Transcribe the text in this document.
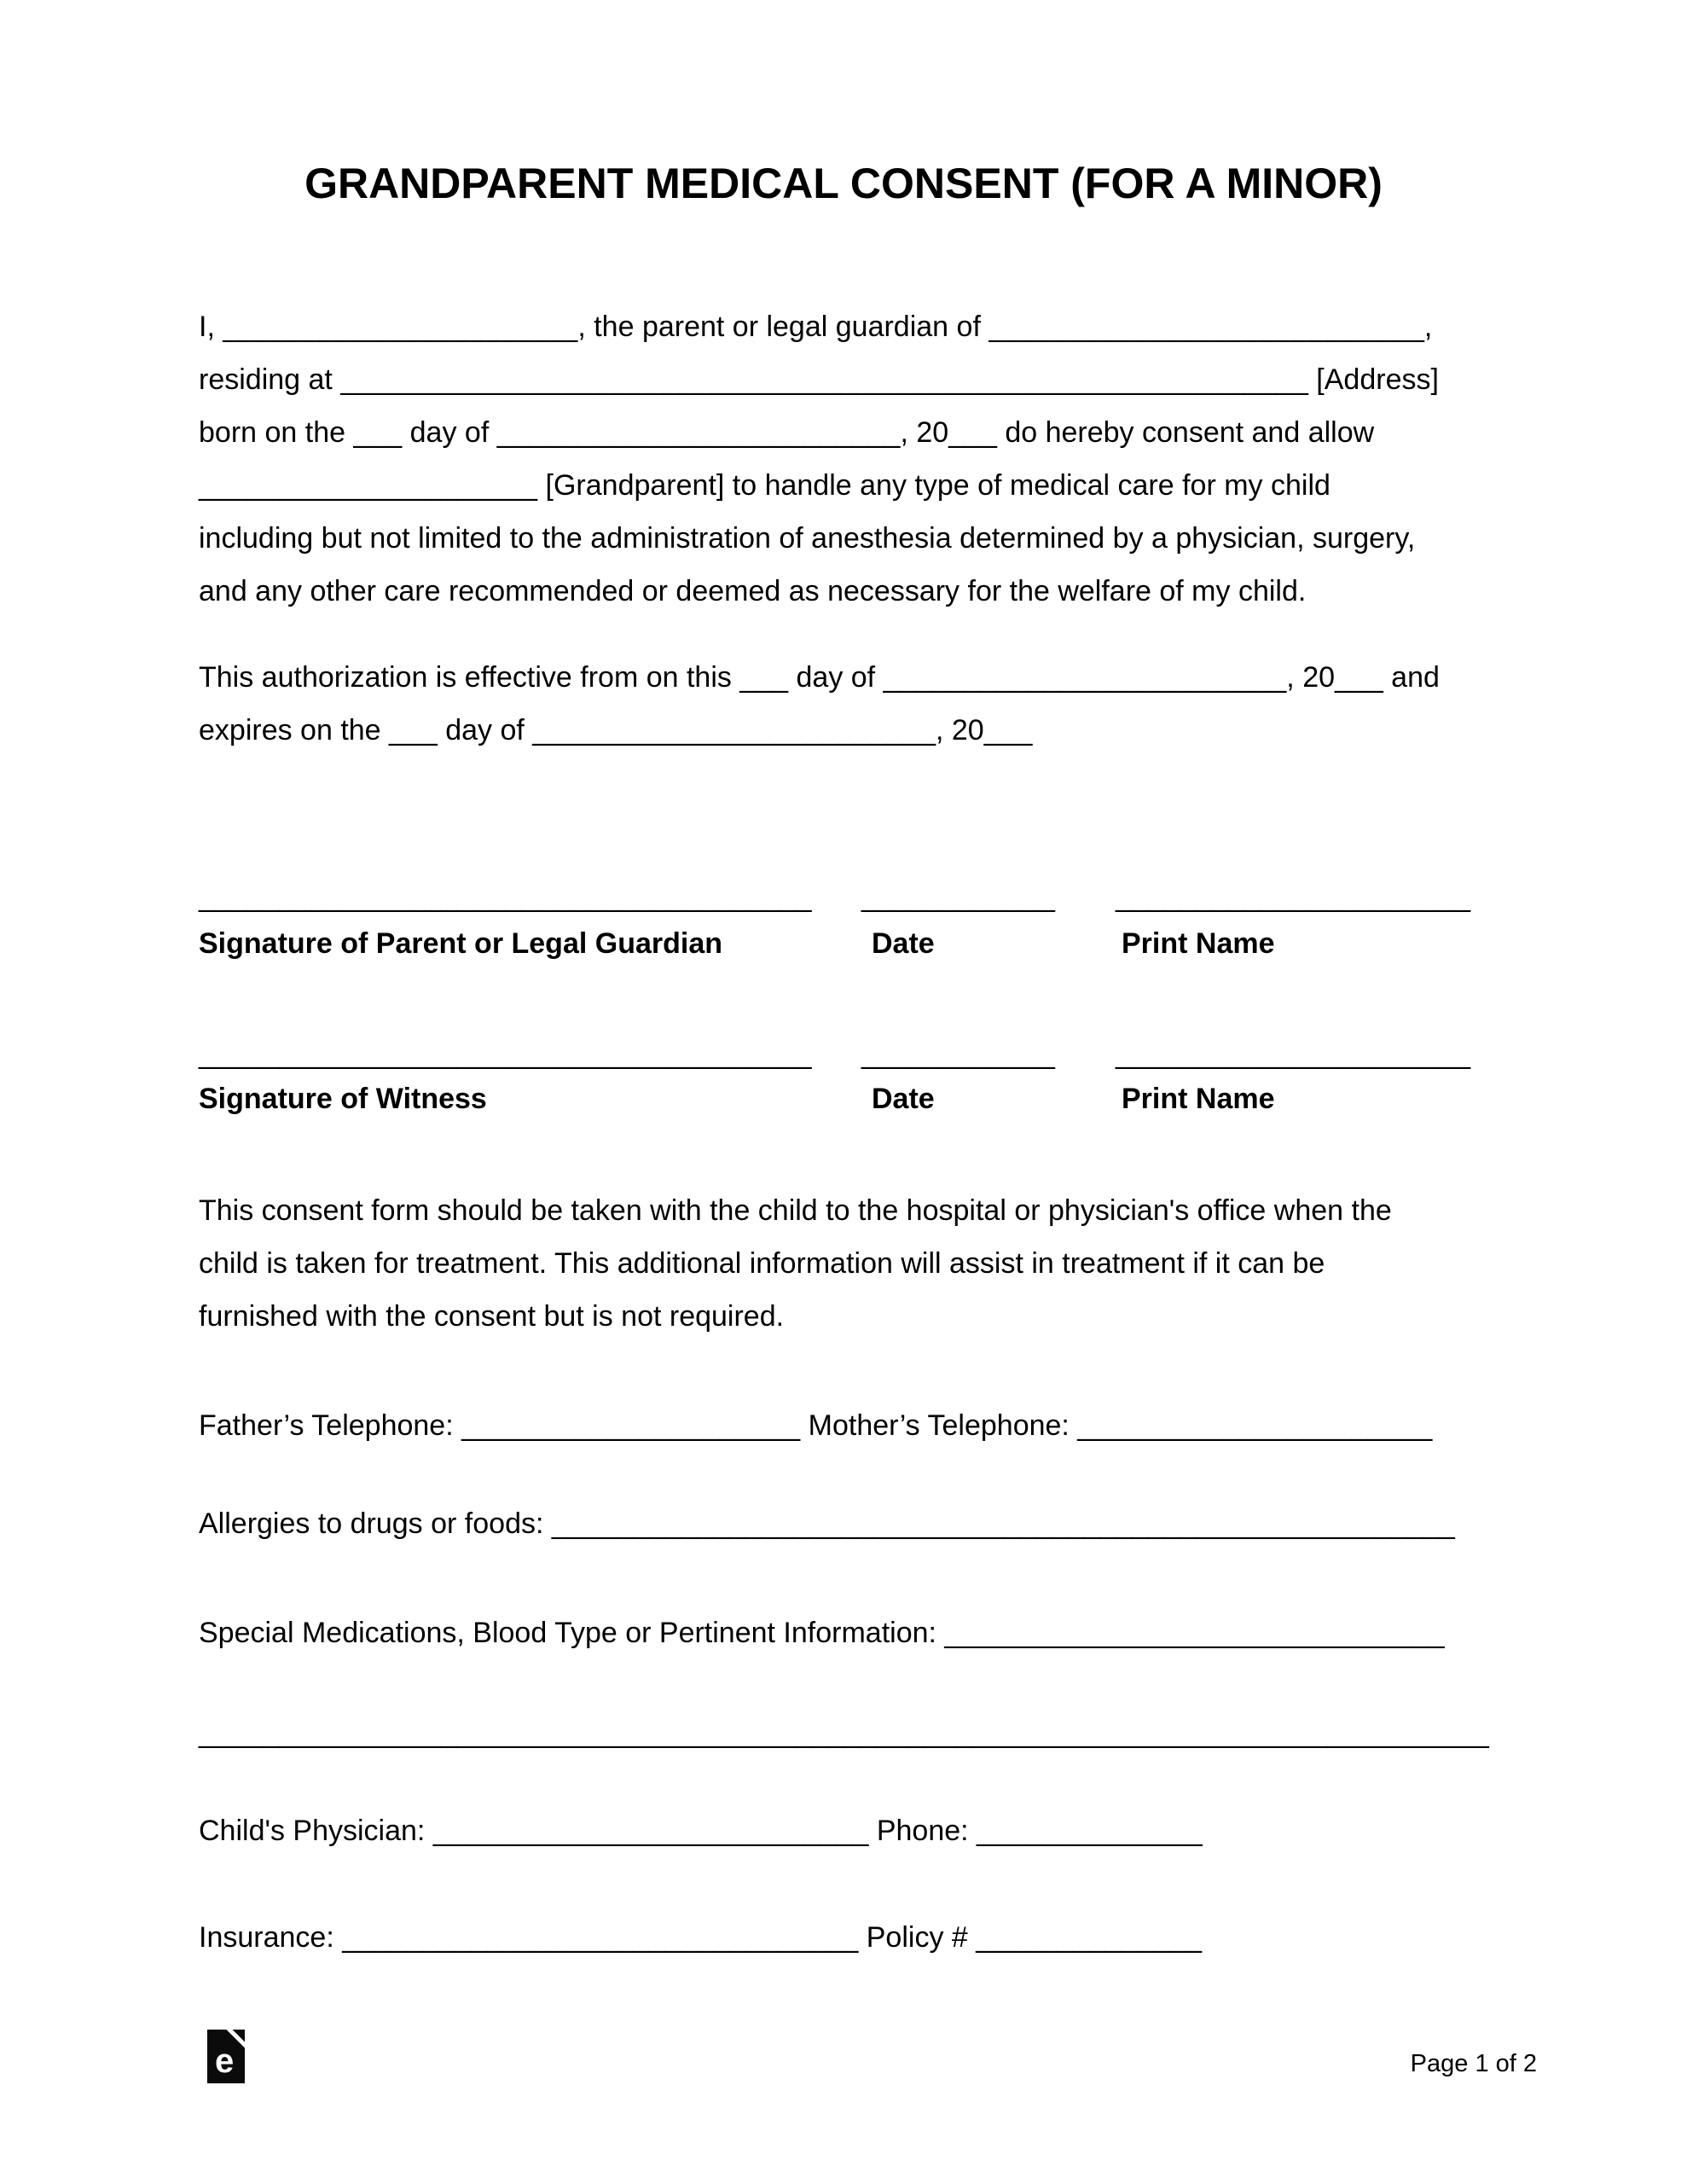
GRANDPARENT MEDICAL CONSENT (FOR A MINOR)
I, ______________________, the parent or legal guardian of ___________________________,
residing at ____________________________________________________________ [Address]
born on the ___ day of _________________________, 20___ do hereby consent and allow
_____________________ [Grandparent] to handle any type of medical care for my child
including but not limited to the administration of anesthesia determined by a physician, surgery,
and any other care recommended or deemed as necessary for the welfare of my child.
This authorization is effective from on this ___ day of _________________________, 20___ and
expires on the ___ day of _________________________, 20___
______________________________________ ____________ ______________________
Signature of Parent or Legal Guardian	Date	Print Name
______________________________________ ____________ ______________________
Signature of Witness	Date	Print Name
This consent form should be taken with the child to the hospital or physician's office when the
child is taken for treatment. This additional information will assist in treatment if it can be
furnished with the consent but is not required.
Father’s Telephone: _____________________ Mother’s Telephone: ______________________
Allergies to drugs or foods: ________________________________________________________
Special Medications, Blood Type or Pertinent Information: _______________________________
________________________________________________________________________________
Child's Physician: ___________________________ Phone: ______________
Insurance: ________________________________ Policy # ______________
e	Page 1 of 2
